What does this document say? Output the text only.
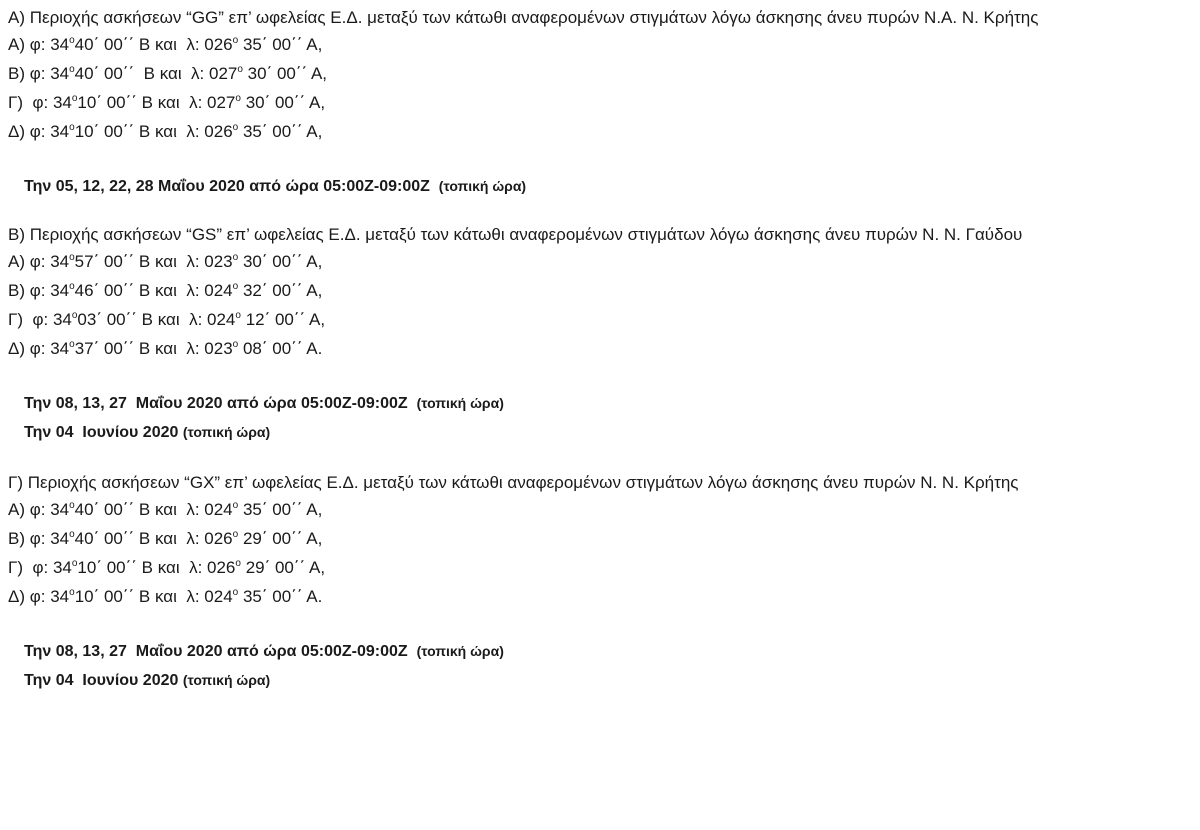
Α) Περιοχής ασκήσεων “GG” επ’ ωφελείας Ε.Δ. μεταξύ των κάτωθι αναφερομένων στιγμάτων λόγω άσκησης άνευ πυρών Ν.Α. Ν. Κρήτης

Α) φ: $34^o40΄$ 00΄΄ Β και  λ: $026^o$ 35΄ 00΄΄ Α,
Β) φ: $34^o40΄$ 00΄΄  Β και  λ: $027^o$ 30΄ 00΄΄ Α,
Γ)  φ: $34^o10΄$ 00΄΄ Β και  λ: $027^o$ 30΄ 00΄΄ Α,
Δ) φ: $34^o10΄$ 00΄΄ Β και  λ: $026^o$ 35΄ 00΄΄ Α,
Την 05, 12, 22, 28 Μαΐου 2020 από ώρα 05:00Ζ-09:00Ζ  (τοπική ώρα)

Β) Περιοχής ασκήσεων “GS” επ’ ωφελείας Ε.Δ. μεταξύ των κάτωθι αναφερομένων στιγμάτων λόγω άσκησης άνευ πυρών Ν. Ν. Γαύδου

Α) φ: $34^o57΄$ 00΄΄ Β και  λ: $023^o$ 30΄ 00΄΄ Α,
Β) φ: $34^o46΄$ 00΄΄ Β και  λ: $024^o$ 32΄ 00΄΄ Α,
Γ)  φ: $34^o03΄$ 00΄΄ Β και  λ: $024^o$ 12΄ 00΄΄ Α,
Δ) φ: $34^o37΄$ 00΄΄ Β και  λ: $023^o$ 08΄ 00΄΄ Α.
Την 08, 13, 27  Μαΐου 2020 από ώρα 05:00Ζ-09:00Ζ  (τοπική ώρα)
Την 04  Ιουνίου 2020 (τοπική ώρα)

Γ) Περιοχής ασκήσεων “GX” επ’ ωφελείας Ε.Δ. μεταξύ των κάτωθι αναφερομένων στιγμάτων λόγω άσκησης άνευ πυρών Ν. Ν. Κρήτης

Α) φ: $34^o40΄$ 00΄΄ Β και  λ: $024^o$ 35΄ 00΄΄ Α,
Β) φ: $34^o40΄$ 00΄΄ Β και  λ: $026^o$ 29΄ 00΄΄ Α,
Γ)  φ: $34^o10΄$ 00΄΄ Β και  λ: $026^o$ 29΄ 00΄΄ Α,
Δ) φ: $34^o10΄$ 00΄΄ Β και  λ: $024^o$ 35΄ 00΄΄ Α.
Την 08, 13, 27  Μαΐου 2020 από ώρα 05:00Ζ-09:00Ζ  (τοπική ώρα)
Την 04  Ιουνίου 2020 (τοπική ώρα)
